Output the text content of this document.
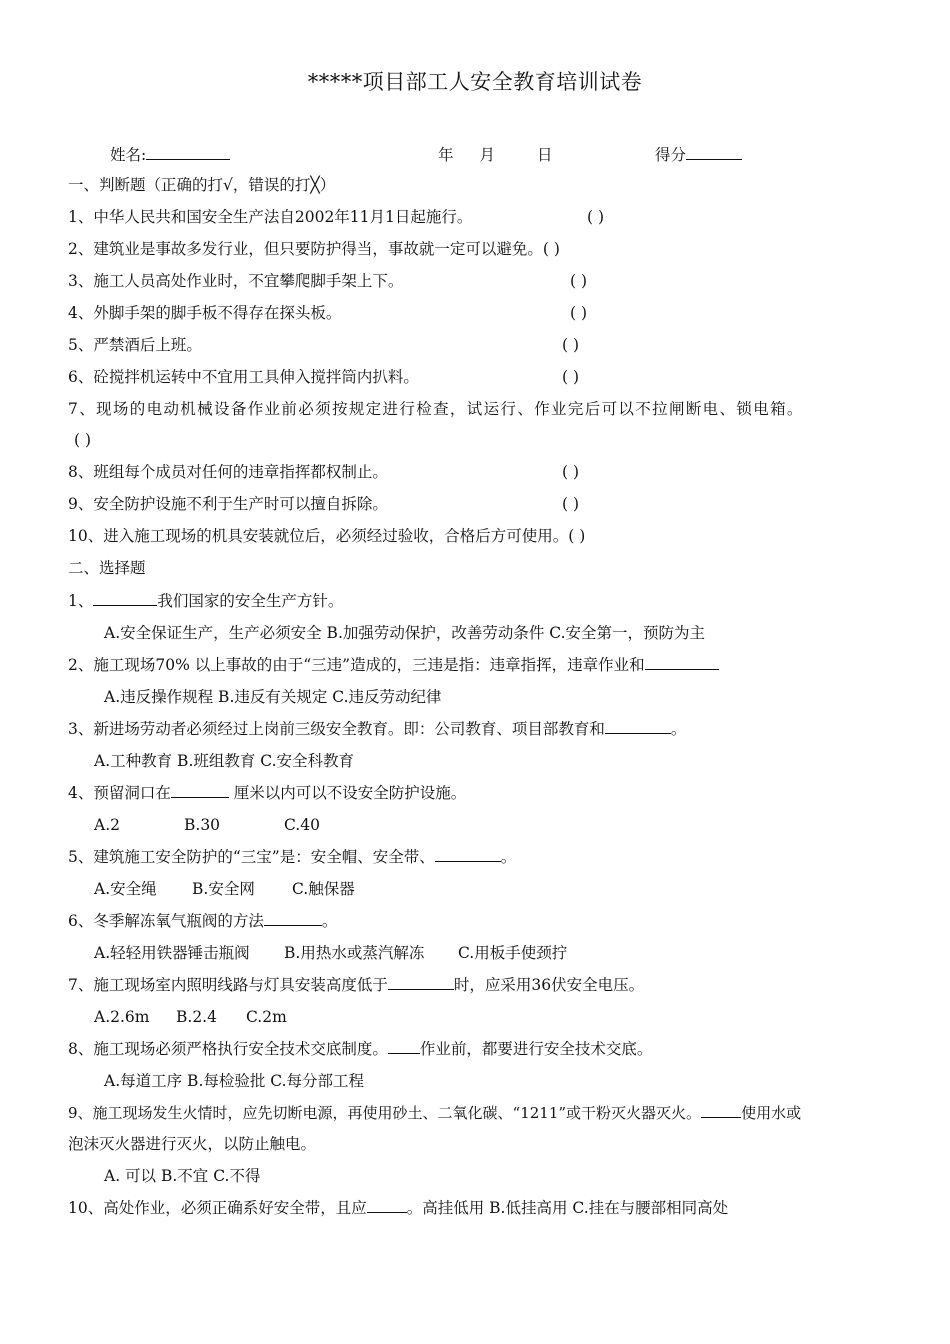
*****项目部工人安全教育培训试卷
姓名:	年 月	日	得分
一、判断题（正确的打√，错误的打╳）
1、中华人民共和国安全生产法自2002年11月1日起施行。	( )
2、建筑业是事故多发行业，但只要防护得当，事故就一定可以避免。( )
3、施工人员高处作业时，不宜攀爬脚手架上下。	( )
4、外脚手架的脚手板不得存在探头板。	( )
5、严禁酒后上班。	( )
6、砼搅拌机运转中不宜用工具伸入搅拌筒内扒料。	( )
7、现场的电动机械设备作业前必须按规定进行检查，试运行、作业完后可以不拉闸断电、锁电箱。
( )
8、班组每个成员对任何的违章指挥都权制止。	( )
9、安全防护设施不利于生产时可以擅自拆除。	( )
10、进入施工现场的机具安装就位后，必须经过验收，合格后方可使用。( )
二、选择题
1、	我们国家的安全生产方针。
A.安全保证生产，生产必须安全 B.加强劳动保护，改善劳动条件 C.安全第一，预防为主
2、施工现场70% 以上事故的由于“三违”造成的，三违是指：违章指挥，违章作业和
A.违反操作规程 B.违反有关规定 C.违反劳动纪律
3、新进场劳动者必须经过上岗前三级安全教育。即：公司教育、项目部教育和	。
A.工种教育 B.班组教育 C.安全科教育
4、预留洞口在	厘米以内可以不设安全防护设施。
A.2	B.30	C.40
5、建筑施工安全防护的“三宝”是：安全帽、安全带、	。
A.安全绳 B.安全网 C.触保器
6、冬季解冻氧气瓶阀的方法	。
A.轻轻用铁器锤击瓶阀 B.用热水或蒸汽解冻 C.用板手使颈拧
7、施工现场室内照明线路与灯具安装高度低于	时，应采用36伏安全电压。
A.2.6m B.2.4 C.2m
8、施工现场必须严格执行安全技术交底制度。 作业前，都要进行安全技术交底。
A.每道工序 B.每检验批 C.每分部工程
9、施工现场发生火情时，应先切断电源，再使用砂土、二氧化碳、“1211”或干粉灭火器灭火。	使用水或
泡沫灭火器进行灭火，以防止触电。
A. 可以 B.不宜 C.不得
10、高处作业，必须正确系好安全带，且应	。高挂低用 B.低挂高用 C.挂在与腰部相同高处
